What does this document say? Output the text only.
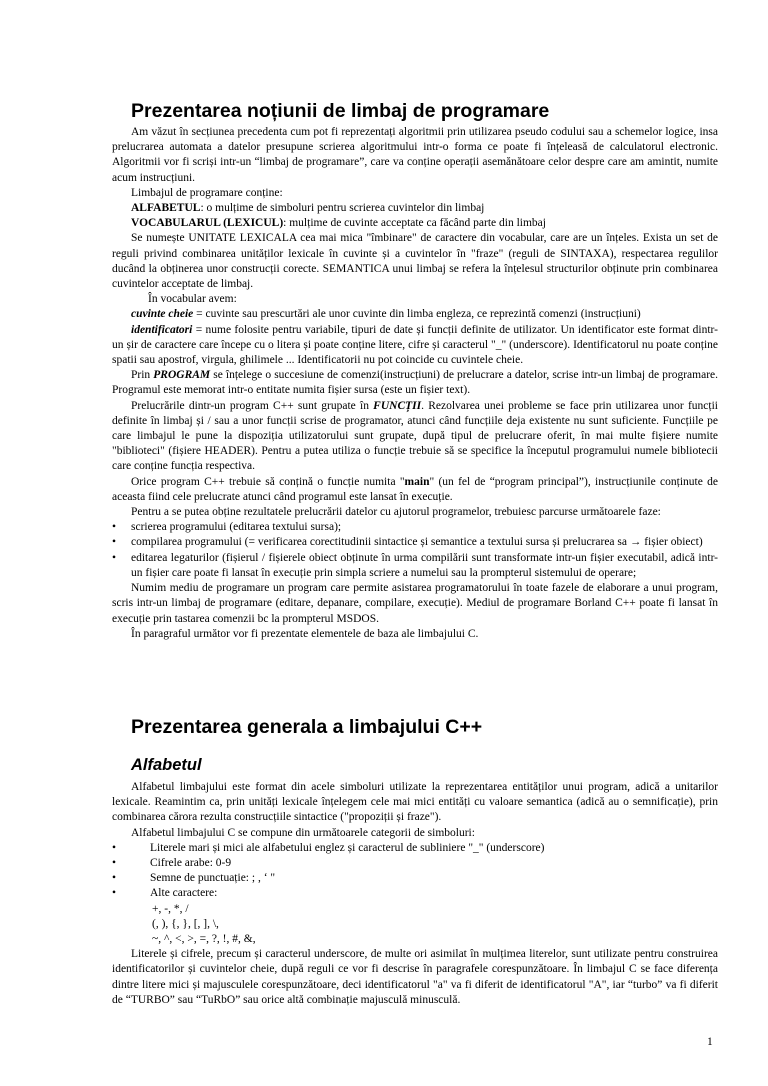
Prezentarea noțiunii de limbaj de programare

Am văzut în secțiunea precedenta cum pot fi reprezentați algoritmii prin utilizarea pseudo codului sau a schemelor logice, insa prelucrarea automata a datelor presupune scrierea algoritmului intr-o forma ce poate fi înțeleasă de calculatorul electronic. Algoritmii vor fi scriși intr-un “limbaj de programare”, care va conține operații asemănătoare celor despre care am amintit, numite acum instrucțiuni.

Limbajul de programare conține:

ALFABETUL: o mulțime de simboluri pentru scrierea cuvintelor din limbaj

VOCABULARUL (LEXICUL): mulțime de cuvinte acceptate ca făcând parte din limbaj

Se numește UNITATE LEXICALA cea mai mica "îmbinare" de caractere din vocabular, care are un înțeles. Exista un set de reguli privind combinarea unităților lexicale în cuvinte și a cuvintelor în "fraze" (reguli de SINTAXA), respectarea regulilor ducând la obținerea unor construcții corecte. SEMANTICA unui limbaj se refera la înțelesul structurilor obținute prin combinarea cuvintelor acceptate de limbaj.

În vocabular avem:

cuvinte cheie = cuvinte sau prescurtări ale unor cuvinte din limba engleza, ce reprezintă comenzi (instrucțiuni)

identificatori = nume folosite pentru variabile, tipuri de date și funcții definite de utilizator. Un identificator este format dintr-un șir de caractere care începe cu o litera și poate conține litere, cifre și caracterul "_" (underscore). Identificatorul nu poate conține spatii sau apostrof, virgula, ghilimele ... Identificatorii nu pot coincide cu cuvintele cheie.

Prin PROGRAM se înțelege o succesiune de comenzi(instrucțiuni) de prelucrare a datelor, scrise intr-un limbaj de programare. Programul este memorat intr-o entitate numita fișier sursa (este un fișier text).

Prelucrările dintr-un program C++ sunt grupate în FUNCȚII. Rezolvarea unei probleme se face prin utilizarea unor funcții definite în limbaj și / sau a unor funcții scrise de programator, atunci când funcțiile deja existente nu sunt suficiente. Funcțiile pe care limbajul le pune la dispoziția utilizatorului sunt grupate, după tipul de prelucrare oferit, în mai multe fișiere numite "biblioteci" (fișiere HEADER). Pentru a putea utiliza o funcție trebuie să se specifice la începutul programului numele bibliotecii care conține funcția respectiva.

Orice program C++ trebuie să conțină o funcție numita "main" (un fel de “program principal”), instrucțiunile conținute de aceasta fiind cele prelucrate atunci când programul este lansat în execuție.

Pentru a se putea obține rezultatele prelucrării datelor cu ajutorul programelor, trebuiesc parcurse următoarele faze:

• scrierea programului (editarea textului sursa);

• compilarea programului (= verificarea corectitudinii sintactice și semantice a textului sursa și prelucrarea sa → fișier obiect)

• editarea legaturilor (fișierul / fișierele obiect obținute în urma compilării sunt transformate intr-un fișier executabil, adică intr-un fișier care poate fi lansat în execuție prin simpla scriere a numelui sau la prompterul sistemului de operare;

Numim mediu de programare un program care permite asistarea programatorului în toate fazele de elaborare a unui program, scris intr-un limbaj de programare (editare, depanare, compilare, execuție). Mediul de programare Borland C++ poate fi lansat în execuție prin tastarea comenzii bc la prompterul MSDOS.

În paragraful următor vor fi prezentate elementele de baza ale limbajului C.

Prezentarea generala a limbajului C++
Alfabetul

Alfabetul limbajului este format din acele simboluri utilizate la reprezentarea entităților unui program, adică a unitarilor lexicale. Reamintim ca, prin unități lexicale înțelegem cele mai mici entități cu valoare semantica (adică au o semnificație), prin combinarea cărora rezulta construcțiile sintactice ("propoziții și fraze").

Alfabetul limbajului C se compune din următoarele categorii de simboluri:

•	Literele mari și mici ale alfabetului englez și caracterul de subliniere "_" (underscore)

•	Cifrele arabe: 0-9

•	Semne de punctuație: ; , ‘ "

•	Alte caractere:

+, -, *, /

(, ), {, }, [, ], \,

~, ^, <, >, =, ?, !, #, &,

Literele și cifrele, precum și caracterul underscore, de multe ori asimilat în mulțimea literelor, sunt utilizate pentru construirea identificatorilor și cuvintelor cheie, după reguli ce vor fi descrise în paragrafele corespunzătoare. În limbajul C se face diferența dintre litere mici și majusculele corespunzătoare, deci identificatorul "a" va fi diferit de identificatorul "A", iar “turbo” va fi diferit de “TURBO” sau “TuRbO” sau orice altă combinație majusculă minusculă.

1
